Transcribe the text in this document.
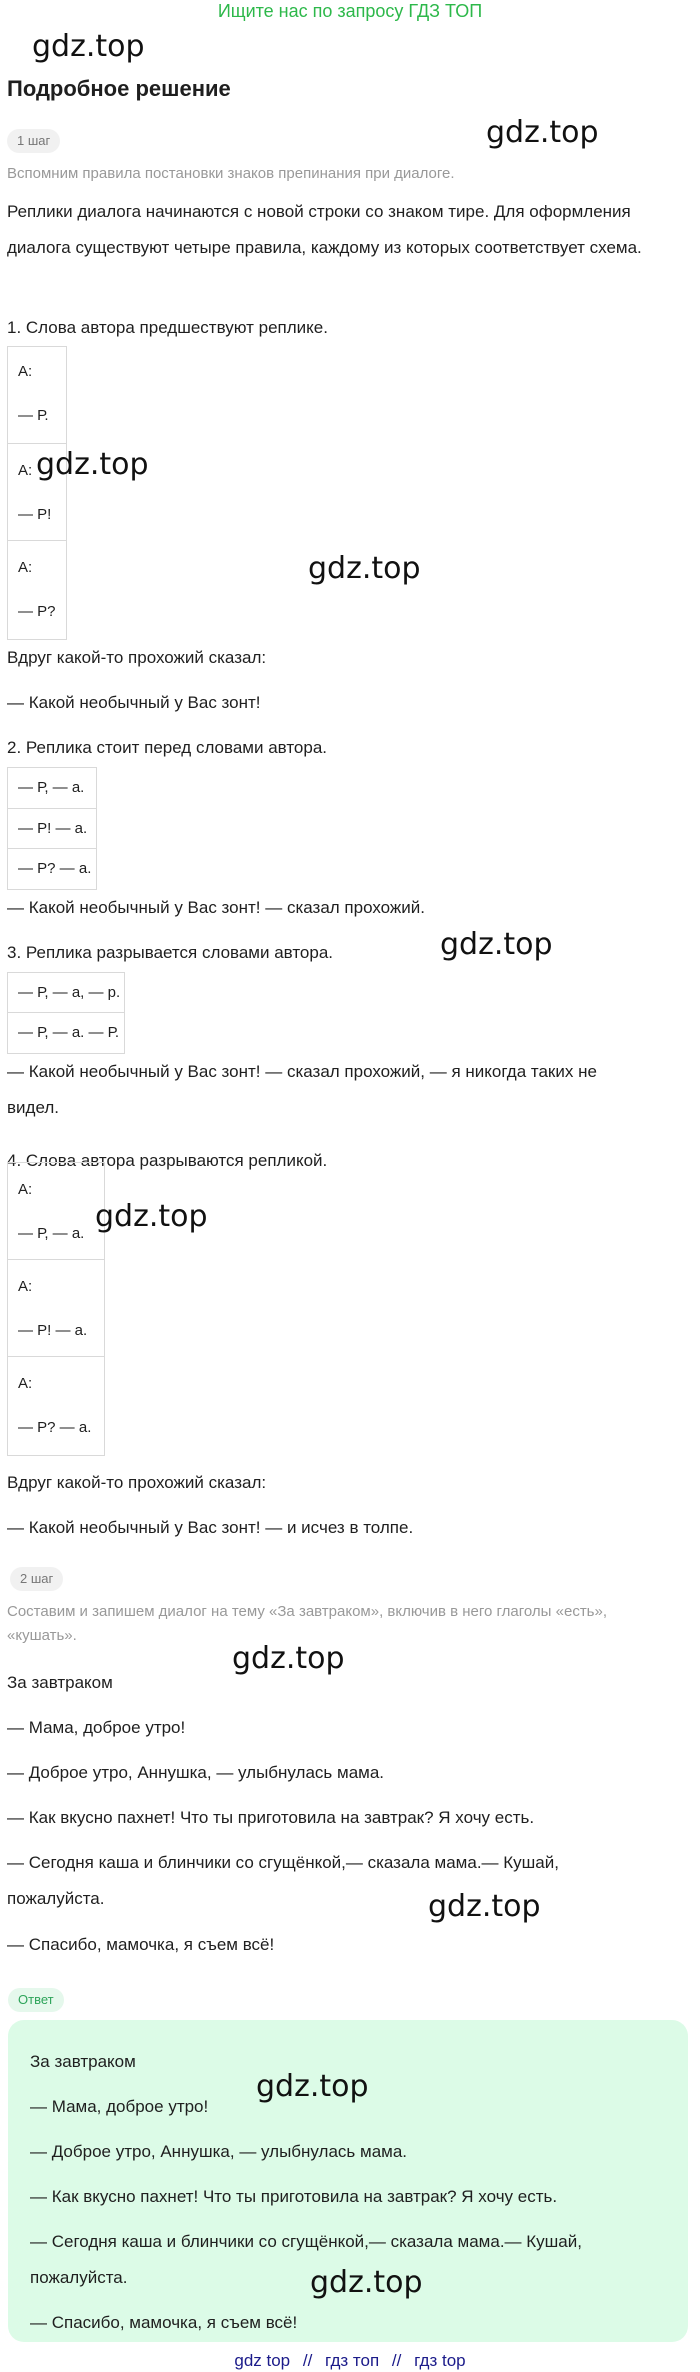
Ищите нас по запросу ГДЗ ТОП
gdz.top
Подробное решение
gdz.top
1 шаг
Вспомним правила постановки знаков препинания при диалоге.
Реплики диалога начинаются с новой строки со знаком тире. Для оформления диалога существуют четыре правила, каждому из которых соответствует схема.
1. Слова автора предшествуют реплике.
А:
— Р.
А:
— Р!
А:
— Р?
gdz.top
gdz.top
Вдруг какой-то прохожий сказал:
— Какой необычный у Вас зонт!
2. Реплика стоит перед словами автора.
— Р, — а.
— Р! — а.
— Р? — а.
— Какой необычный у Вас зонт! — сказал прохожий.
3. Реплика разрывается словами автора.	gdz.top
— Р, — а, — р.
— Р, — а. — Р.
— Какой необычный у Вас зонт! — сказал прохожий, — я никогда таких не видел.
4. Слова автора разрываются репликой.
А:
— Р, — а.
А:
— Р! — а.
А:
— Р? — а.
gdz.top
Вдруг какой-то прохожий сказал:
— Какой необычный у Вас зонт! — и исчез в толпе.
2 шаг
Составим и запишем диалог на тему «За завтраком», включив в него глаголы «есть», «кушать».
gdz.top
За завтраком
— Мама, доброе утро!
— Доброе утро, Аннушка, — улыбнулась мама.
— Как вкусно пахнет! Что ты приготовила на завтрак? Я хочу есть.
— Сегодня каша и блинчики со сгущёнкой,— сказала мама.— Кушай, пожалуйста.	gdz.top
— Спасибо, мамочка, я съем всё!
Ответ
За завтраком
gdz.top
— Мама, доброе утро!
— Доброе утро, Аннушка, — улыбнулась мама.
— Как вкусно пахнет! Что ты приготовила на завтрак? Я хочу есть.
— Сегодня каша и блинчики со сгущёнкой,— сказала мама.— Кушай, пожалуйста.	gdz.top
— Спасибо, мамочка, я съем всё!
gdz top // гдз топ // гдз top
